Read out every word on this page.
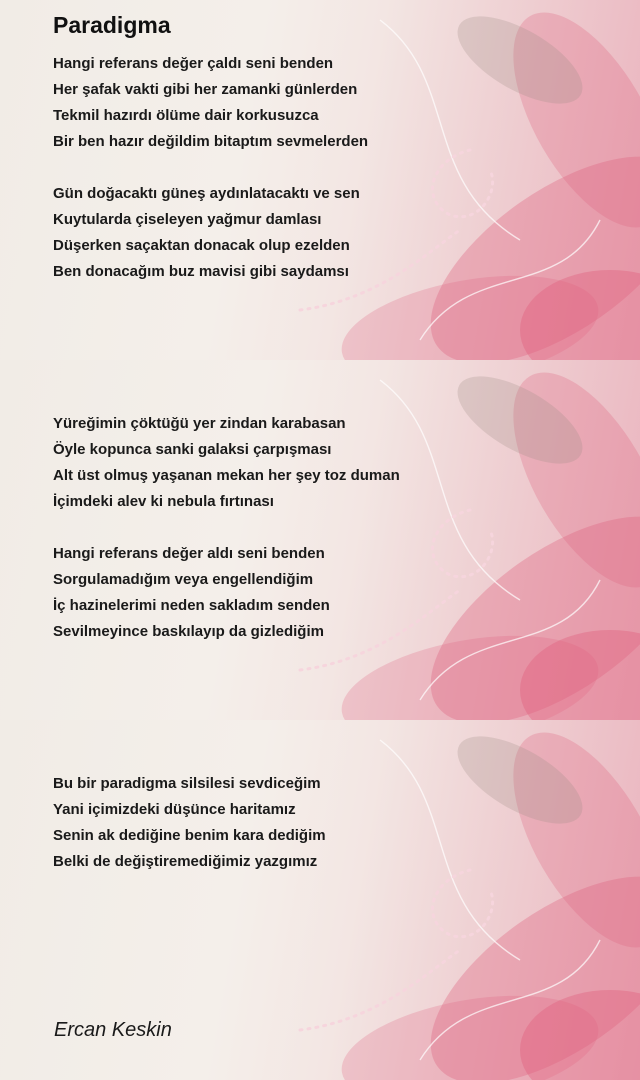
Paradigma
Hangi referans değer çaldı seni benden
Her şafak vakti gibi her zamanki günlerden
Tekmil hazırdı ölüme dair korkusuzca
Bir ben hazır değildim bitaptım sevmelerden
Gün doğacaktı güneş aydınlatacaktı ve sen
Kuytularda çiseleyen yağmur damlası
Düşerken saçaktan donacak olup ezelden
Ben donacağım buz mavisi gibi saydamsı
Yüreğimin çöktüğü yer zindan karabasan
Öyle kopunca sanki galaksi çarpışması
Alt üst olmuş yaşanan mekan her şey toz duman
İçimdeki alev ki nebula fırtınası
Hangi referans değer aldı seni benden
Sorgulamadığım veya engellendiğim
İç hazinelerimi neden sakladım senden
Sevilmeyince baskılayıp da gizlediğim
Bu bir paradigma silsilesi sevdiceğim
Yani içimizdeki düşünce haritamız
Senin ak dediğine benim kara dediğim
Belki de değiştiremediğimiz yazgımız

Ercan Keskin
